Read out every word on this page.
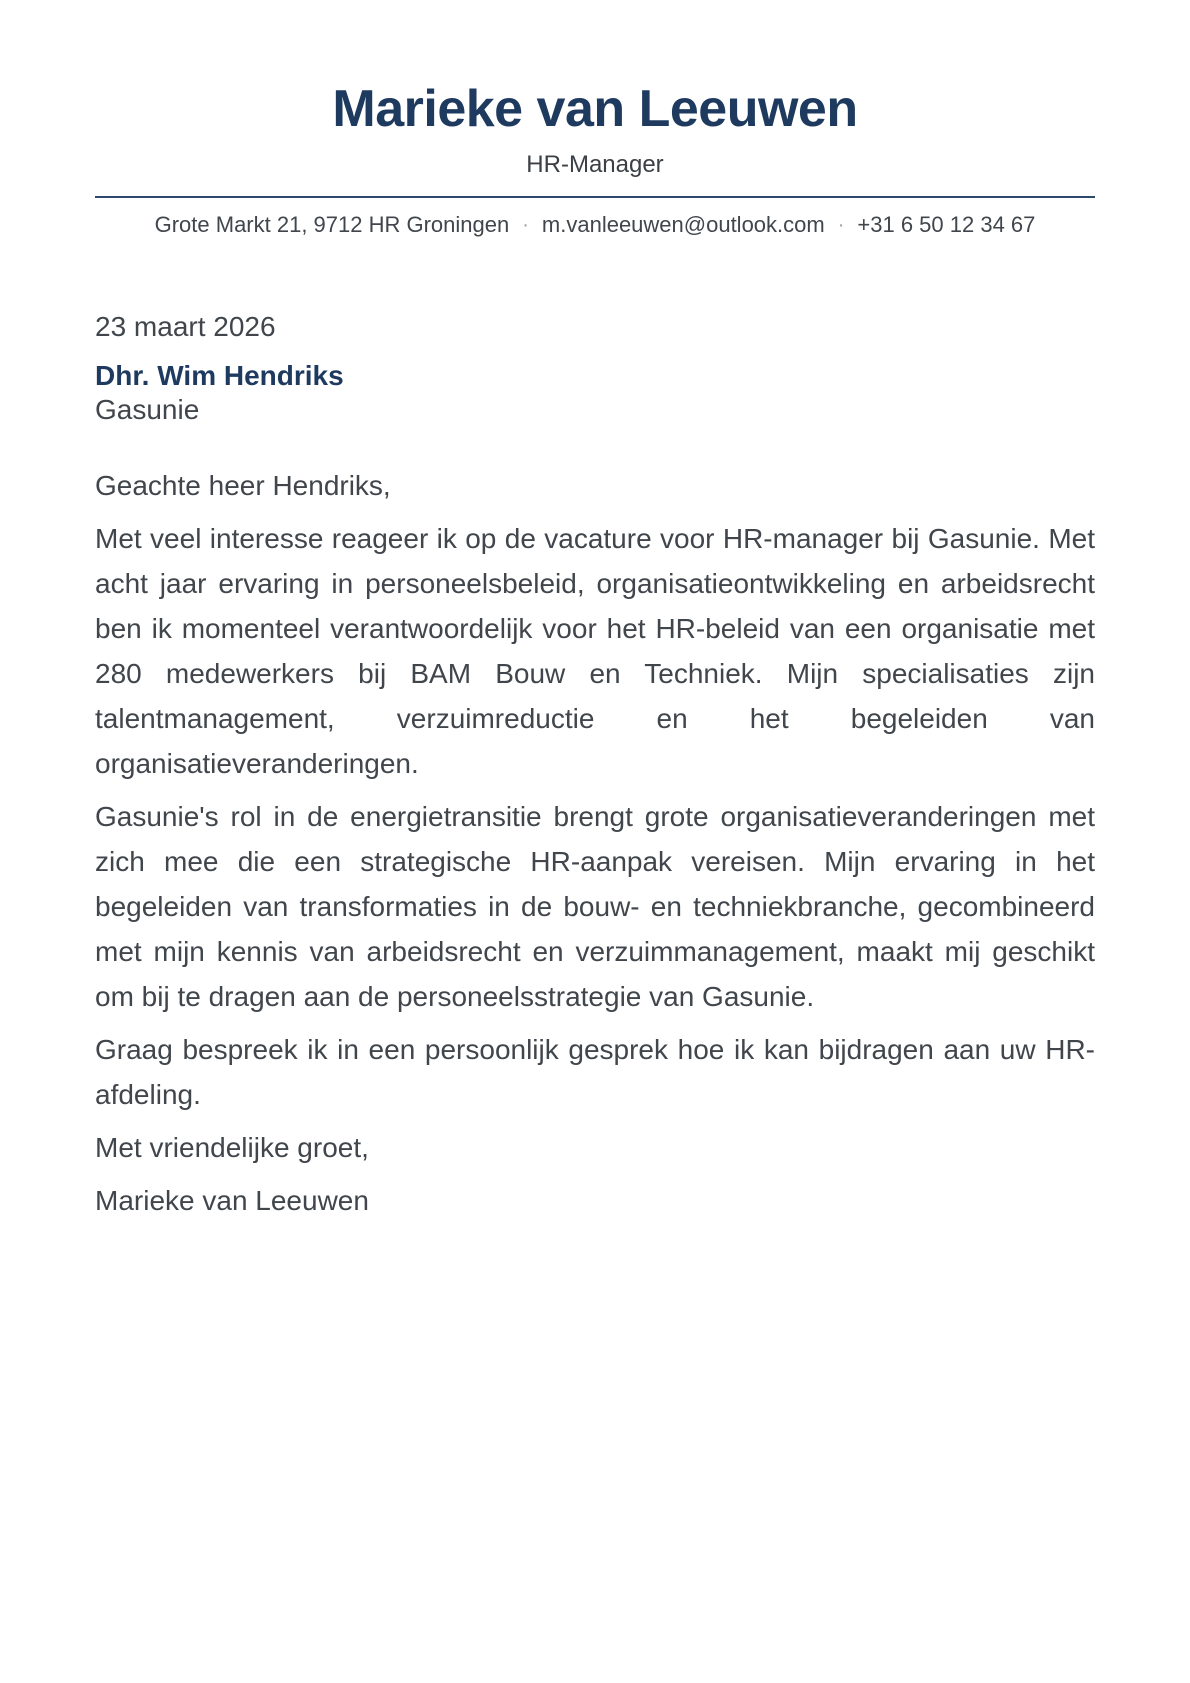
Marieke van Leeuwen
HR-Manager
Grote Markt 21, 9712 HR Groningen · m.vanleeuwen@outlook.com · +31 6 50 12 34 67
23 maart 2026
Dhr. Wim Hendriks
Gasunie
Geachte heer Hendriks,

Met veel interesse reageer ik op de vacature voor HR-manager bij Gasunie. Met acht jaar ervaring in personeelsbeleid, organisatieontwikkeling en arbeidsrecht ben ik momenteel verantwoordelijk voor het HR-beleid van een organisatie met 280 medewerkers bij BAM Bouw en Techniek. Mijn specialisaties zijn talentmanagement, verzuimreductie en het begeleiden van organisatieveranderingen.

Gasunie's rol in de energietransitie brengt grote organisatieveranderingen met zich mee die een strategische HR-aanpak vereisen. Mijn ervaring in het begeleiden van transformaties in de bouw- en techniekbranche, gecombineerd met mijn kennis van arbeidsrecht en verzuimmanagement, maakt mij geschikt om bij te dragen aan de personeelsstrategie van Gasunie.

Graag bespreek ik in een persoonlijk gesprek hoe ik kan bijdragen aan uw HR-afdeling.

Met vriendelijke groet,
Marieke van Leeuwen
